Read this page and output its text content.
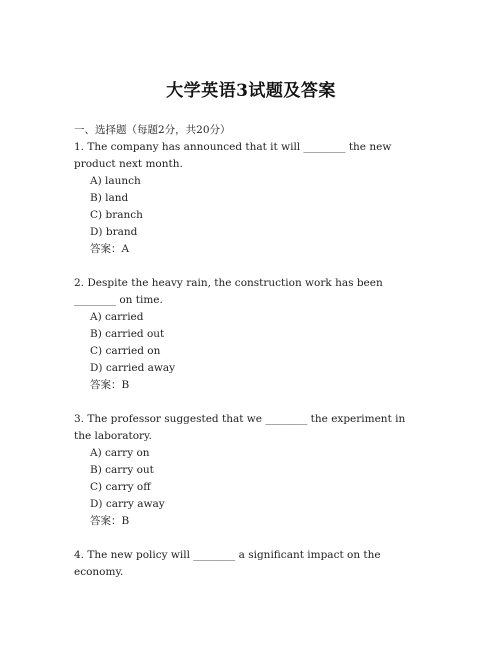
大学英语3试题及答案
一、选择题（每题2分，共20分）
1. The company has announced that it will ________ the new
product next month.
A) launch
B) land
C) branch
D) brand
答案：A
2. Despite the heavy rain, the construction work has been
________ on time.
A) carried
B) carried out
C) carried on
D) carried away
答案：B
3. The professor suggested that we ________ the experiment in
the laboratory.
A) carry on
B) carry out
C) carry off
D) carry away
答案：B
4. The new policy will ________ a significant impact on the
economy.
